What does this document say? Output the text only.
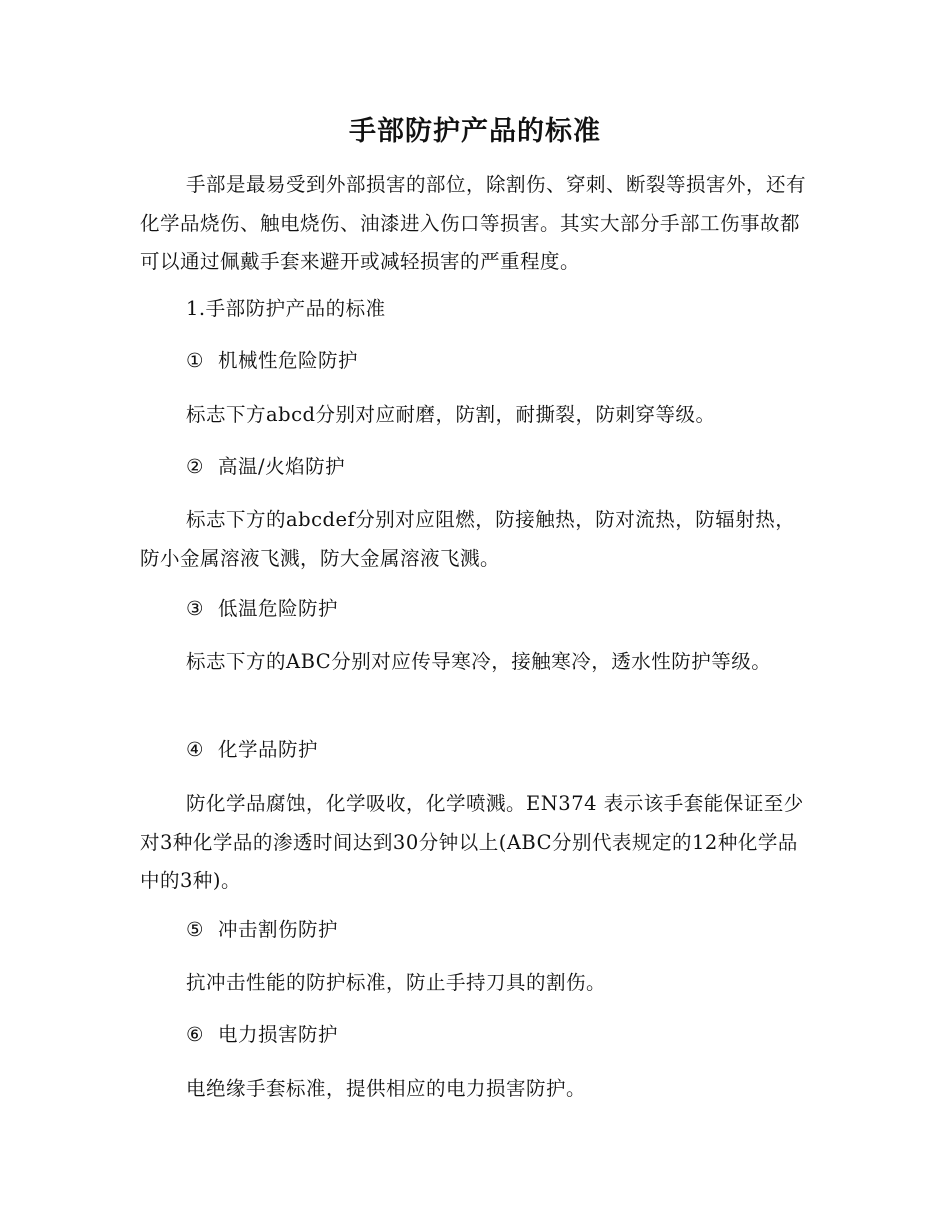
手部防护产品的标准

手部是最易受到外部损害的部位，除割伤、穿刺、断裂等损害外，还有化学品烧伤、触电烧伤、油漆进入伤口等损害。其实大部分手部工伤事故都可以通过佩戴手套来避开或减轻损害的严重程度。

1.手部防护产品的标准

① 机械性危险防护

标志下方abcd分别对应耐磨，防割，耐撕裂，防刺穿等级。

② 高温/火焰防护

标志下方的abcdef分别对应阻燃，防接触热，防对流热，防辐射热，防小金属溶液飞溅，防大金属溶液飞溅。

③ 低温危险防护

标志下方的ABC分别对应传导寒冷，接触寒冷，透水性防护等级。

④ 化学品防护

防化学品腐蚀，化学吸收，化学喷溅。EN374 表示该手套能保证至少对3种化学品的渗透时间达到30分钟以上(ABC分别代表规定的12种化学品中的3种)。

⑤ 冲击割伤防护

抗冲击性能的防护标准，防止手持刀具的割伤。

⑥ 电力损害防护

电绝缘手套标准，提供相应的电力损害防护。
